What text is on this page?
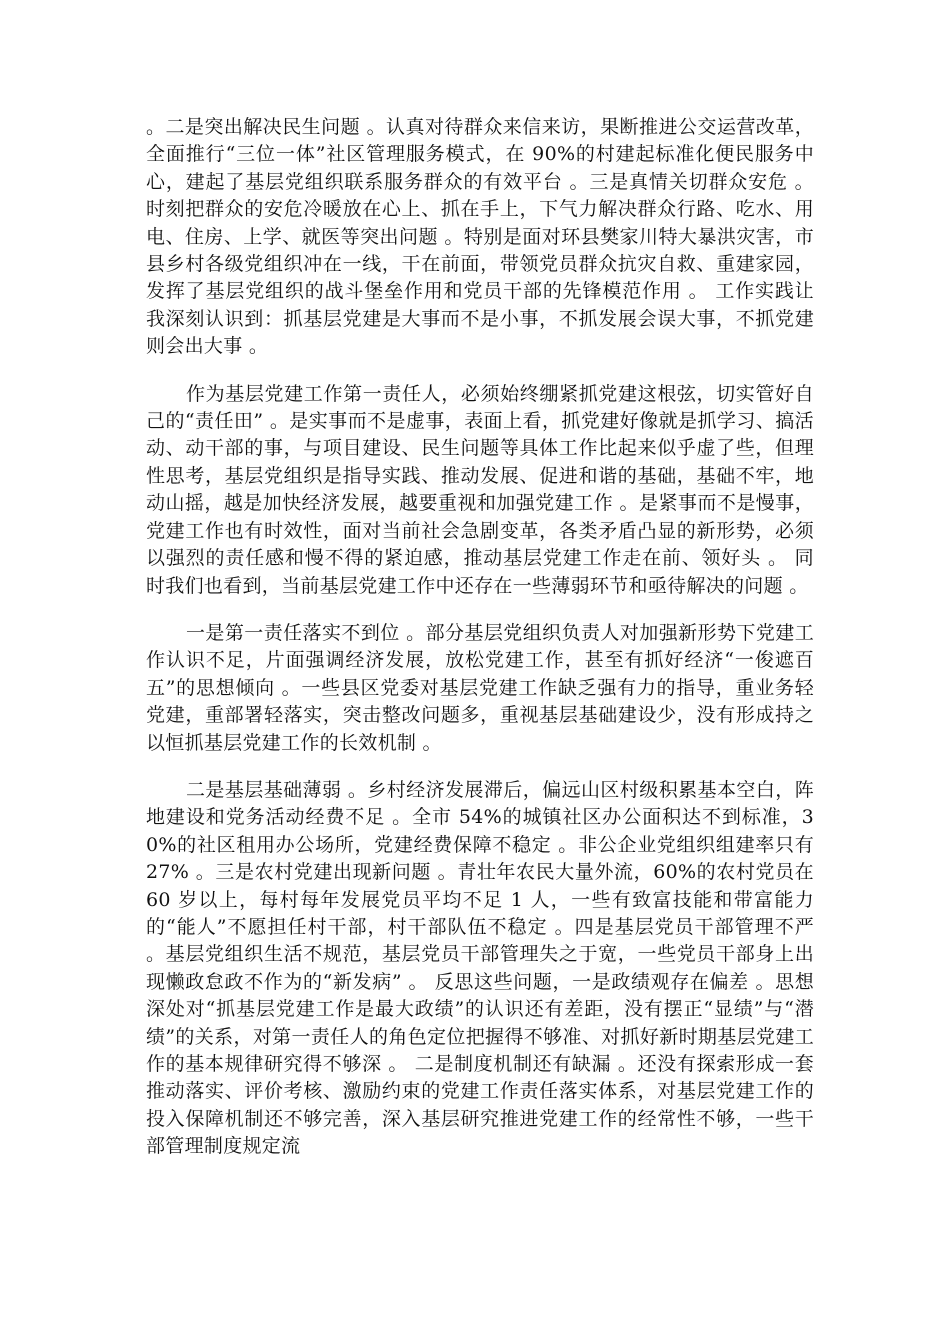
。二是突出解决民生问题 。认真对待群众来信来访，果断推进公交运营改革，全面推行“三位一体”社区管理服务模式，在 90%的村建起标准化便民服务中心，建起了基层党组织联系服务群众的有效平台 。三是真情关切群众安危 。时刻把群众的安危冷暖放在心上、抓在手上，下气力解决群众行路、吃水、用电、住房、上学、就医等突出问题 。特别是面对环县樊家川特大暴洪灾害，市县乡村各级党组织冲在一线，干在前面，带领党员群众抗灾自救、重建家园，发挥了基层党组织的战斗堡垒作用和党员干部的先锋模范作用 。 工作实践让我深刻认识到：抓基层党建是大事而不是小事，不抓发展会误大事，不抓党建则会出大事 。

作为基层党建工作第一责任人，必须始终绷紧抓党建这根弦，切实管好自己的“责任田” 。是实事而不是虚事，表面上看，抓党建好像就是抓学习、搞活动、动干部的事，与项目建设、民生问题等具体工作比起来似乎虚了些，但理性思考，基层党组织是指导实践、推动发展、促进和谐的基础，基础不牢，地动山摇，越是加快经济发展，越要重视和加强党建工作 。是紧事而不是慢事，党建工作也有时效性，面对当前社会急剧变革，各类矛盾凸显的新形势，必须以强烈的责任感和慢不得的紧迫感，推动基层党建工作走在前、领好头 。 同时我们也看到，当前基层党建工作中还存在一些薄弱环节和亟待解决的问题 。

一是第一责任落实不到位 。部分基层党组织负责人对加强新形势下党建工作认识不足，片面强调经济发展，放松党建工作，甚至有抓好经济“一俊遮百五”的思想倾向 。一些县区党委对基层党建工作缺乏强有力的指导，重业务轻党建，重部署轻落实，突击整改问题多，重视基层基础建设少，没有形成持之以恒抓基层党建工作的长效机制 。

二是基层基础薄弱 。乡村经济发展滞后，偏远山区村级积累基本空白，阵地建设和党务活动经费不足 。全市 54%的城镇社区办公面积达不到标准，30%的社区租用办公场所，党建经费保障不稳定 。非公企业党组织组建率只有 27% 。三是农村党建出现新问题 。青壮年农民大量外流，60%的农村党员在 60 岁以上，每村每年发展党员平均不足 1 人，一些有致富技能和带富能力的“能人”不愿担任村干部，村干部队伍不稳定 。四是基层党员干部管理不严 。基层党组织生活不规范，基层党员干部管理失之于宽，一些党员干部身上出现懒政怠政不作为的“新发病” 。 反思这些问题，一是政绩观存在偏差 。思想深处对“抓基层党建工作是最大政绩”的认识还有差距，没有摆正“显绩”与“潜绩”的关系，对第一责任人的角色定位把握得不够准、对抓好新时期基层党建工作的基本规律研究得不够深 。 二是制度机制还有缺漏 。还没有探索形成一套推动落实、评价考核、激励约束的党建工作责任落实体系，对基层党建工作的投入保障机制还不够完善，深入基层研究推进党建工作的经常性不够，一些干部管理制度规定流
